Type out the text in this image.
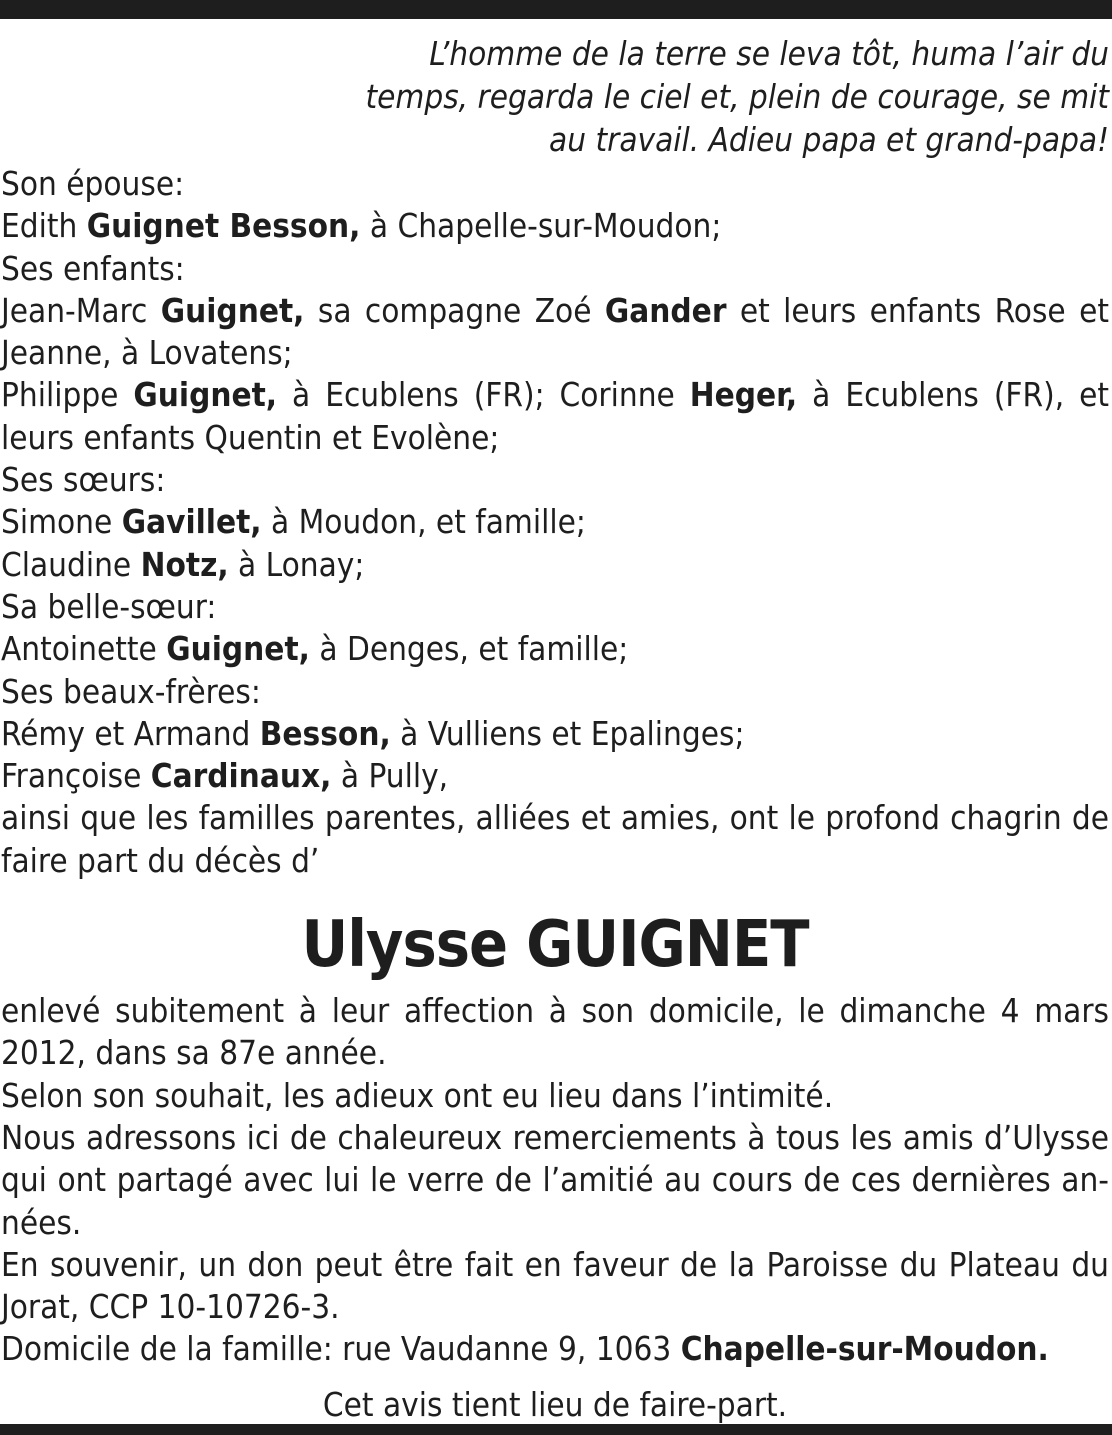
L’homme de la terre se leva tôt, huma l’air du
temps, regarda le ciel et, plein de courage, se mit
au travail. Adieu papa et grand-papa!
Son épouse:
Edith Guignet Besson, à Chapelle-sur-Moudon;
Ses enfants:
Jean-Marc Guignet, sa compagne Zoé Gander et leurs enfants Rose et Jeanne, à Lovatens;
Philippe Guignet, à Ecublens (FR); Corinne Heger, à Ecublens (FR), et leurs enfants Quentin et Evolène;
Ses sœurs:
Simone Gavillet, à Moudon, et famille;
Claudine Notz, à Lonay;
Sa belle-sœur:
Antoinette Guignet, à Denges, et famille;
Ses beaux-frères:
Rémy et Armand Besson, à Vulliens et Epalinges;
Françoise Cardinaux, à Pully,
ainsi que les familles parentes, alliées et amies, ont le profond chagrin de faire part du décès d’
Ulysse GUIGNET
enlevé subitement à leur affection à son domicile, le dimanche 4 mars 2012, dans sa 87e année.
Selon son souhait, les adieux ont eu lieu dans l’intimité.
Nous adressons ici de chaleureux remerciements à tous les amis d’Ulysse qui ont partagé avec lui le verre de l’amitié au cours de ces dernières an-nées.
En souvenir, un don peut être fait en faveur de la Paroisse du Plateau du Jorat, CCP 10-10726-3.
Domicile de la famille: rue Vaudanne 9, 1063 Chapelle-sur-Moudon.
Cet avis tient lieu de faire-part.
